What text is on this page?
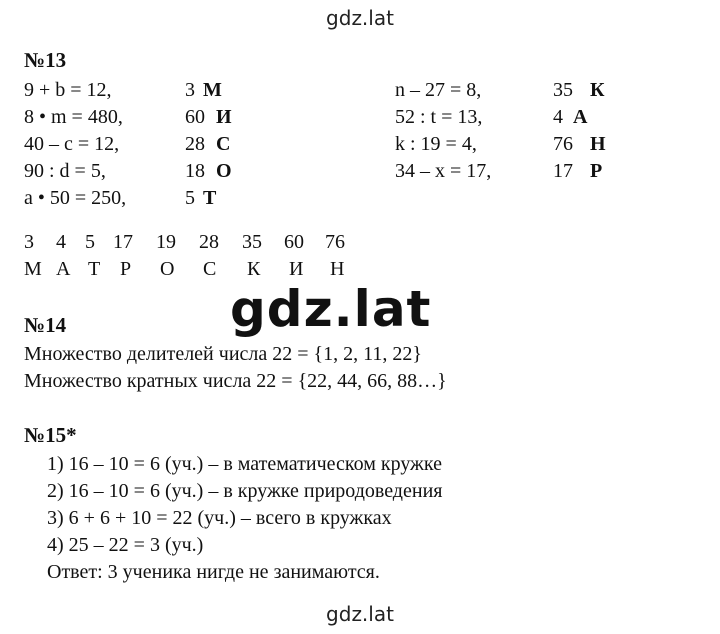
gdz.lat
№13
9 + b = 12,	3 М
8 • m = 480,	60 И
40 – c = 12,	28 С
90 : d = 5,	18 О
a • 50 = 250,	5 Т
n – 27 = 8,	35 К
52 : t = 13,	4 А
k : 19 = 4,	76 Н
34 – x = 17,	17 Р
3 4 5 17 19 28 35 60 76
М А Т Р О С К И Н
gdz.lat
№14
Множество делителей числа 22 = {1, 2, 11, 22}
Множество кратных числа 22 = {22, 44, 66, 88…}
№15*
1) 16 – 10 = 6 (уч.) – в математическом кружке
2) 16 – 10 = 6 (уч.) – в кружке природоведения
3) 6 + 6 + 10 = 22 (уч.) – всего в кружках
4) 25 – 22 = 3 (уч.)
Ответ: 3 ученика нигде не занимаются.
gdz.lat
